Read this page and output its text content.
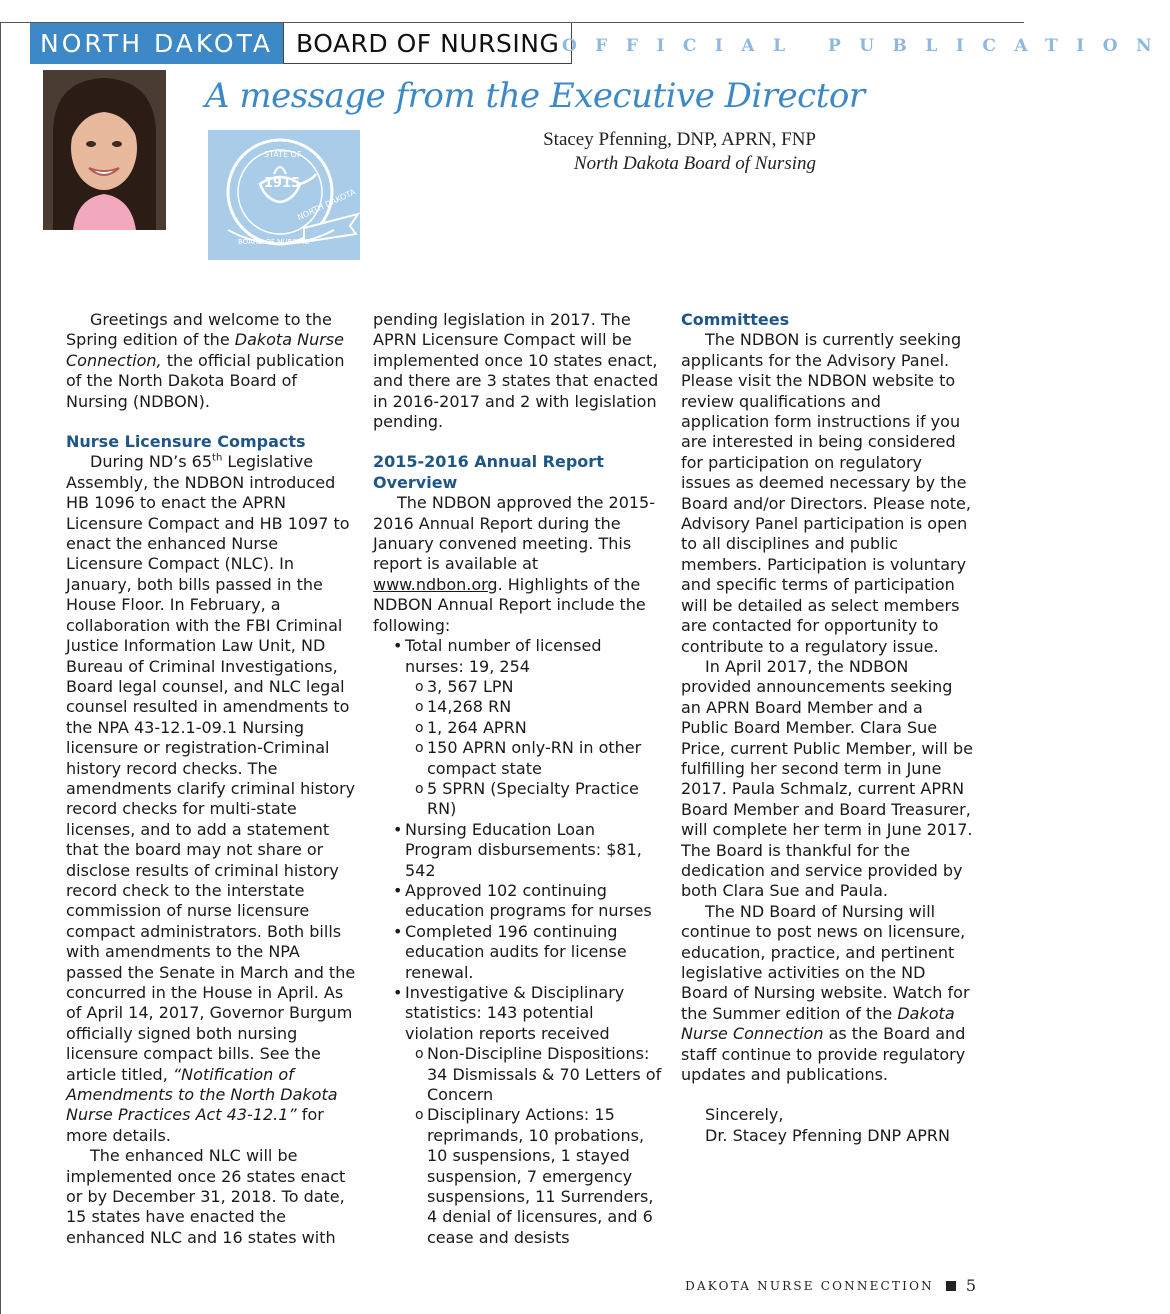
NORTH DAKOTA BOARD OF NURSING OFFICIAL PUBLICATION
STATE OF
1915
NORTH DAKOTA
BOARD OF NURSING
A message from the Executive Director
Stacey Pfenning, DNP, APRN, FNP
North Dakota Board of Nursing

Greetings and welcome to the Spring edition of the Dakota Nurse Connection, the official publication of the North Dakota Board of Nursing (NDBON).

Nurse Licensure Compacts

During ND’s 65th Legislative Assembly, the NDBON introduced HB 1096 to enact the APRN Licensure Compact and HB 1097 to enact the enhanced Nurse Licensure Compact (NLC). In January, both bills passed in the House Floor. In February, a collaboration with the FBI Criminal Justice Information Law Unit, ND Bureau of Criminal Investigations, Board legal counsel, and NLC legal counsel resulted in amendments to the NPA 43-12.1-09.1 Nursing licensure or registration-Criminal history record checks. The amendments clarify criminal history record checks for multi-state licenses, and to add a statement that the board may not share or disclose results of criminal history record check to the interstate commission of nurse licensure compact administrators. Both bills with amendments to the NPA passed the Senate in March and the concurred in the House in April. As of April 14, 2017, Governor Burgum officially signed both nursing licensure compact bills. See the article titled, “Notification of Amendments to the North Dakota Nurse Practices Act 43-12.1” for more details.

The enhanced NLC will be implemented once 26 states enact or by December 31, 2018. To date, 15 states have enacted the enhanced NLC and 16 states with

pending legislation in 2017. The APRN Licensure Compact will be implemented once 10 states enact, and there are 3 states that enacted in 2016-2017 and 2 with legislation pending.

2015-2016 Annual Report Overview

The NDBON approved the 2015-2016 Annual Report during the January convened meeting. This report is available at www.ndbon.org. Highlights of the NDBON Annual Report include the following:

• Total number of licensed nurses: 19, 254
o 3, 567 LPN
o 14,268 RN
o 1, 264 APRN
o 150 APRN only-RN in other compact state
o 5 SPRN (Specialty Practice RN)
• Nursing Education Loan Program disbursements: $81, 542
• Approved 102 continuing education programs for nurses
• Completed 196 continuing education audits for license renewal.
• Investigative & Disciplinary statistics: 143 potential violation reports received
o Non-Discipline Dispositions: 34 Dismissals & 70 Letters of Concern
o Disciplinary Actions: 15 reprimands, 10 probations, 10 suspensions, 1 stayed suspension, 7 emergency suspensions, 11 Surrenders, 4 denial of licensures, and 6 cease and desists
Committees

The NDBON is currently seeking applicants for the Advisory Panel. Please visit the NDBON website to review qualifications and application form instructions if you are interested in being considered for participation on regulatory issues as deemed necessary by the Board and/or Directors. Please note, Advisory Panel participation is open to all disciplines and public members. Participation is voluntary and specific terms of participation will be detailed as select members are contacted for opportunity to contribute to a regulatory issue.

In April 2017, the NDBON provided announcements seeking an APRN Board Member and a Public Board Member. Clara Sue Price, current Public Member, will be fulfilling her second term in June 2017. Paula Schmalz, current APRN Board Member and Board Treasurer, will complete her term in June 2017. The Board is thankful for the dedication and service provided by both Clara Sue and Paula.

The ND Board of Nursing will continue to post news on licensure, education, practice, and pertinent legislative activities on the ND Board of Nursing website. Watch for the Summer edition of the Dakota Nurse Connection as the Board and staff continue to provide regulatory updates and publications.

Sincerely,
Dr. Stacey Pfenning DNP APRN
DAKOTA NURSE CONNECTION 5
